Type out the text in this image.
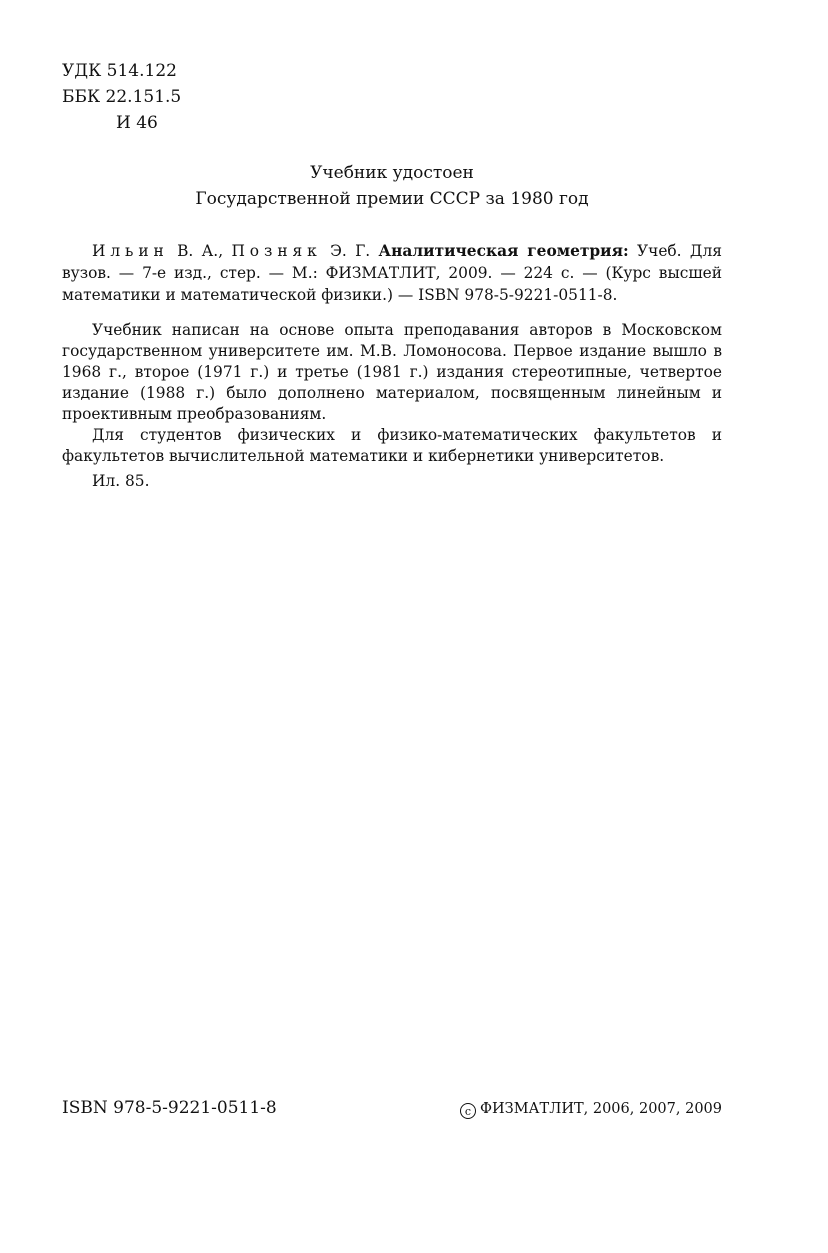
УДК 514.122
ББК 22.151.5
И 46
Учебник удостоен
Государственной премии СССР за 1980 год

Ильин В. А., Позняк Э. Г. Аналитическая геометрия: Учеб. Для вузов. — 7-е изд., стер. — М.: ФИЗМАТЛИТ, 2009. — 224 с. — (Курс высшей математики и математической физики.) — ISBN 978-5-9221-0511-8.

Учебник написан на основе опыта преподавания авторов в Московском государственном университете им. М.В. Ломоносова. Первое издание вышло в 1968 г., второе (1971 г.) и третье (1981 г.) издания стереотипные, четвертое издание (1988 г.) было дополнено материалом, посвященным линейным и проективным преобразованиям.

Для студентов физических и физико-математических факультетов и факультетов вычислительной математики и кибернетики университетов.

Ил. 85.

ISBN 978-5-9221-0511-8	c ФИЗМАТЛИТ, 2006, 2007, 2009
